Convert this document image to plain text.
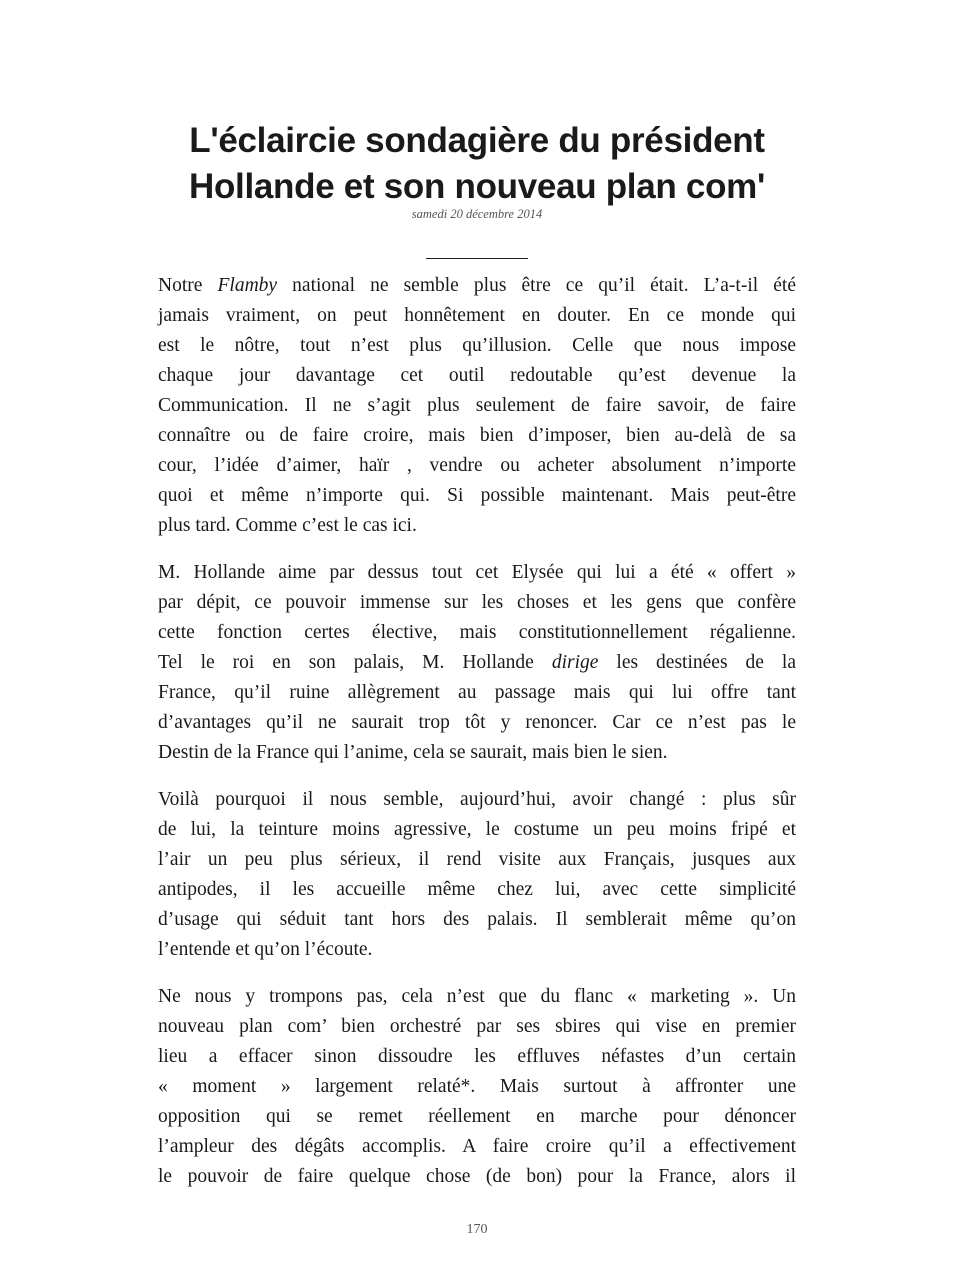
L'éclaircie sondagière du président
Hollande et son nouveau plan com'
samedi 20 décembre 2014

Notre Flamby national ne semble plus être ce qu’il était. L’a-t-il été
jamais vraiment, on peut honnêtement en douter. En ce monde qui
est le nôtre, tout n’est plus qu’illusion. Celle que nous impose
chaque jour davantage cet outil redoutable qu’est devenue la
Communication. Il ne s’agit plus seulement de faire savoir, de faire
connaître ou de faire croire, mais bien d’imposer, bien au-delà de sa
cour, l’idée d’aimer, haïr , vendre ou acheter absolument n’importe
quoi et même n’importe qui. Si possible maintenant. Mais peut-être
plus tard. Comme c’est le cas ici.

M. Hollande aime par dessus tout cet Elysée qui lui a été « offert »
par dépit, ce pouvoir immense sur les choses et les gens que confère
cette fonction certes élective, mais constitutionnellement régalienne.
Tel le roi en son palais, M. Hollande dirige les destinées de la
France, qu’il ruine allègrement au passage mais qui lui offre tant
d’avantages qu’il ne saurait trop tôt y renoncer. Car ce n’est pas le
Destin de la France qui l’anime, cela se saurait, mais bien le sien.

Voilà pourquoi il nous semble, aujourd’hui, avoir changé : plus sûr
de lui, la teinture moins agressive, le costume un peu moins fripé et
l’air un peu plus sérieux, il rend visite aux Français, jusques aux
antipodes, il les accueille même chez lui, avec cette simplicité
d’usage qui séduit tant hors des palais. Il semblerait même qu’on
l’entende et qu’on l’écoute.

Ne nous y trompons pas, cela n’est que du flanc « marketing ». Un
nouveau plan com’ bien orchestré par ses sbires qui vise en premier
lieu a effacer sinon dissoudre les effluves néfastes d’un certain
« moment » largement relaté*. Mais surtout à affronter une
opposition qui se remet réellement en marche pour dénoncer
l’ampleur des dégâts accomplis. A faire croire qu’il a effectivement
le pouvoir de faire quelque chose (de bon) pour la France, alors il

170
